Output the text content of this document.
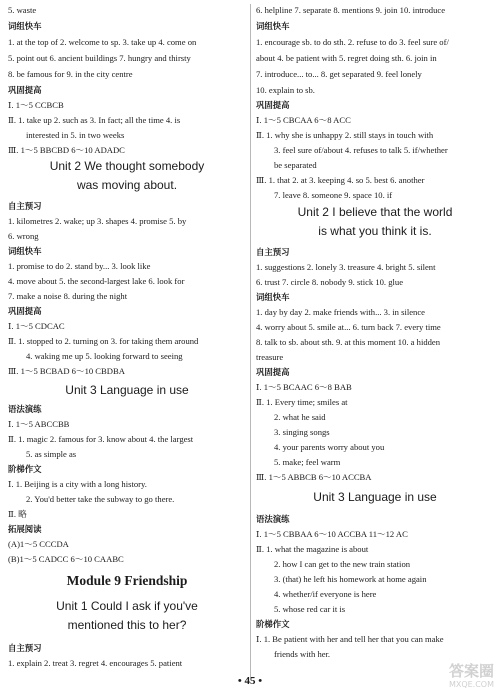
5. waste
词组快车
1. at the top of 2. welcome to sp. 3. take up 4. come on
5. point out 6. ancient buildings 7. hungry and thirsty
8. be famous for 9. in the city centre
巩固提高
Ⅰ. 1～5 CCBCB
Ⅱ. 1. take up 2. such as 3. In fact; all the time 4. is
interested in 5. in two weeks
Ⅲ. 1～5 BBCBD 6～10 ADADC
Unit 2 We thought somebody
was moving about.
自主预习
1. kilometres 2. wake; up 3. shapes 4. promise 5. by
6. wrong
词组快车
1. promise to do 2. stand by... 3. look like
4. move about 5. the second-largest lake 6. look for
7. make a noise 8. during the night
巩固提高
Ⅰ. 1～5 CDCAC
Ⅱ. 1. stopped to 2. turning on 3. for taking them around
4. waking me up 5. looking forward to seeing
Ⅲ. 1～5 BCBAD 6～10 CBDBA
Unit 3 Language in use
语法演练
Ⅰ. 1～5 ABCCBB
Ⅱ. 1. magic 2. famous for 3. know about 4. the largest
5. as simple as
阶梯作文
Ⅰ. 1. Beijing is a city with a long history.
2. You'd better take the subway to go there.
Ⅱ. 略
拓展阅读
(A)1～5 CCCDA
(B)1～5 CADCC 6～10 CAABC
Module 9 Friendship
Unit 1 Could I ask if you've
mentioned this to her?
自主预习
1. explain 2. treat 3. regret 4. encourages 5. patient
6. helpline 7. separate 8. mentions 9. join 10. introduce
词组快车
1. encourage sb. to do sth. 2. refuse to do 3. feel sure of/
about 4. be patient with 5. regret doing sth. 6. join in
7. introduce... to... 8. get separated 9. feel lonely
10. explain to sb.
巩固提高
Ⅰ. 1～5 CBCAA 6～8 ACC
Ⅱ. 1. why she is unhappy 2. still stays in touch with
3. feel sure of/about 4. refuses to talk 5. if/whether
be separated
Ⅲ. 1. that 2. at 3. keeping 4. so 5. best 6. another
7. leave 8. someone 9. space 10. if
Unit 2 I believe that the world
is what you think it is.
自主预习
1. suggestions 2. lonely 3. treasure 4. bright 5. silent
6. trust 7. circle 8. nobody 9. stick 10. glue
词组快车
1. day by day 2. make friends with... 3. in silence
4. worry about 5. smile at... 6. turn back 7. every time
8. talk to sb. about sth. 9. at this moment 10. a hidden
treasure
巩固提高
Ⅰ. 1～5 BCAAC 6～8 BAB
Ⅱ. 1. Every time; smiles at
2. what he said
3. singing songs
4. your parents worry about you
5. make; feel warm
Ⅲ. 1～5 ABBCB 6～10 ACCBA
Unit 3 Language in use
语法演练
Ⅰ. 1～5 CBBAA 6～10 ACCBA 11～12 AC
Ⅱ. 1. what the magazine is about
2. how I can get to the new train station
3. (that) he left his homework at home again
4. whether/if everyone is here
5. whose red car it is
阶梯作文
Ⅰ. 1. Be patient with her and tell her that you can make
friends with her.
• 45 •
答案圈
MXQE.COM
